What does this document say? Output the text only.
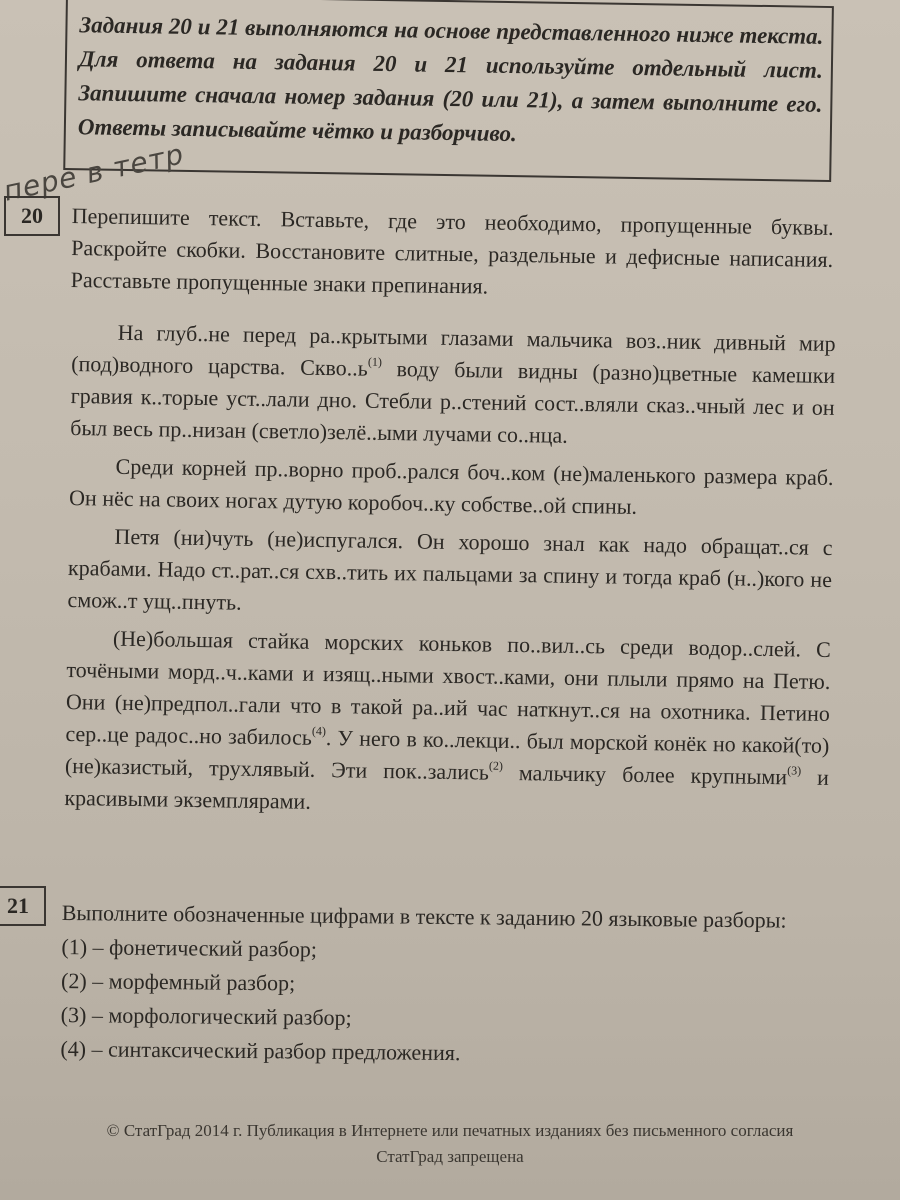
Задания 20 и 21 выполняются на основе представленного ниже текста. Для ответа на задания 20 и 21 используйте отдельный лист. Запишите сначала номер задания (20 или 21), а затем выполните его. Ответы записывайте чётко и разборчиво.

пере в тетр
20	Перепишите текст. Вставьте, где это необходимо, пропущенные буквы. Раскройте скобки. Восстановите слитные, раздельные и дефисные написания. Расставьте пропущенные знаки препинания.

На глуб..не перед ра..крытыми глазами мальчика воз..ник дивный мир (под)водного царства. $Скво..ь^{(1)}$ воду были видны (разно)цветные камешки гравия к..торые уст..лали дно. Стебли р..стений сост..вляли сказ..чный лес и он был весь пр..низан (светло)зелё..ыми лучами со..нца.

Среди корней пр..ворно проб..рался боч..ком (не)маленького размера краб. Он нёс на своих ногах дутую коробоч..ку собстве..ой спины.

Петя (ни)чуть (не)испугался. Он хорошо знал как надо обращат..ся с крабами. Надо ст..рат..ся схв..тить их пальцами за спину и тогда краб (н..)кого не смож..т ущ..пнуть.

(Не)большая стайка морских коньков по..вил..сь среди водор..слей. С точёными морд..ч..ками и изящ..ными хвост..ками, они плыли прямо на Петю. Они (не)предпол..гали что в такой ра..ий час наткнут..ся на охотника. Петино сер..це радос..но забилось$^{(4)}$. У него в ко..лекци.. был морской конёк но какой(то) (не)казистый, трухлявый. Эти пок..зались$^{(2)}$ мальчику более крупными$^{(3)}$ и красивыми экземплярами.

21	Выполните обозначенные цифрами в тексте к заданию 20 языковые разборы:

(1) – фонетический разбор;

(2) – морфемный разбор;

(3) – морфологический разбор;

(4) – синтаксический разбор предложения.

© СтатГрад 2014 г. Публикация в Интернете или печатных изданиях без письменного согласия
СтатГрад запрещена
